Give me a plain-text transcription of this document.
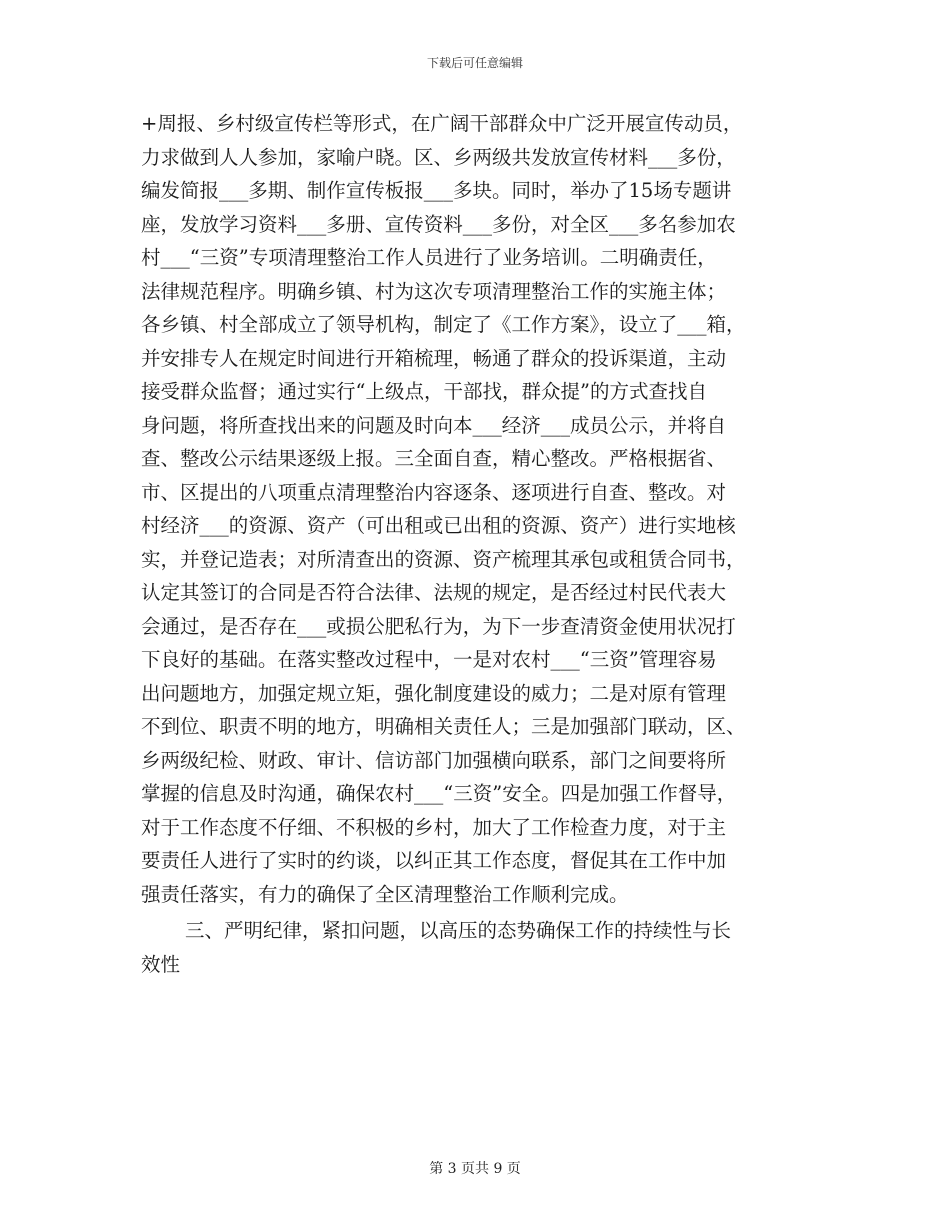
下载后可任意编辑
+周报、乡村级宣传栏等形式，在广阔干部群众中广泛开展宣传动员，
力求做到人人参加，家喻户晓。区、乡两级共发放宣传材料___多份，
编发简报___多期、制作宣传板报___多块。同时，举办了15场专题讲
座，发放学习资料___多册、宣传资料___多份，对全区___多名参加农
村___“三资”专项清理整治工作人员进行了业务培训。二明确责任，
法律规范程序。明确乡镇、村为这次专项清理整治工作的实施主体；
各乡镇、村全部成立了领导机构，制定了《工作方案》，设立了___箱，
并安排专人在规定时间进行开箱梳理，畅通了群众的投诉渠道，主动
接受群众监督；通过实行“上级点，干部找，群众提”的方式查找自
身问题，将所查找出来的问题及时向本___经济___成员公示，并将自
查、整改公示结果逐级上报。三全面自查，精心整改。严格根据省、
市、区提出的八项重点清理整治内容逐条、逐项进行自查、整改。对
村经济___的资源、资产（可出租或已出租的资源、资产）进行实地核
实，并登记造表；对所清查出的资源、资产梳理其承包或租赁合同书，
认定其签订的合同是否符合法律、法规的规定，是否经过村民代表大
会通过，是否存在___或损公肥私行为，为下一步查清资金使用状况打
下良好的基础。在落实整改过程中，一是对农村___“三资”管理容易
出问题地方，加强定规立矩，强化制度建设的威力；二是对原有管理
不到位、职责不明的地方，明确相关责任人；三是加强部门联动，区、
乡两级纪检、财政、审计、信访部门加强横向联系，部门之间要将所
掌握的信息及时沟通，确保农村___“三资”安全。四是加强工作督导，
对于工作态度不仔细、不积极的乡村，加大了工作检查力度，对于主
要责任人进行了实时的约谈，以纠正其工作态度，督促其在工作中加
强责任落实，有力的确保了全区清理整治工作顺利完成。
三、严明纪律，紧扣问题，以高压的态势确保工作的持续性与长
效性
第 3 页共 9 页
